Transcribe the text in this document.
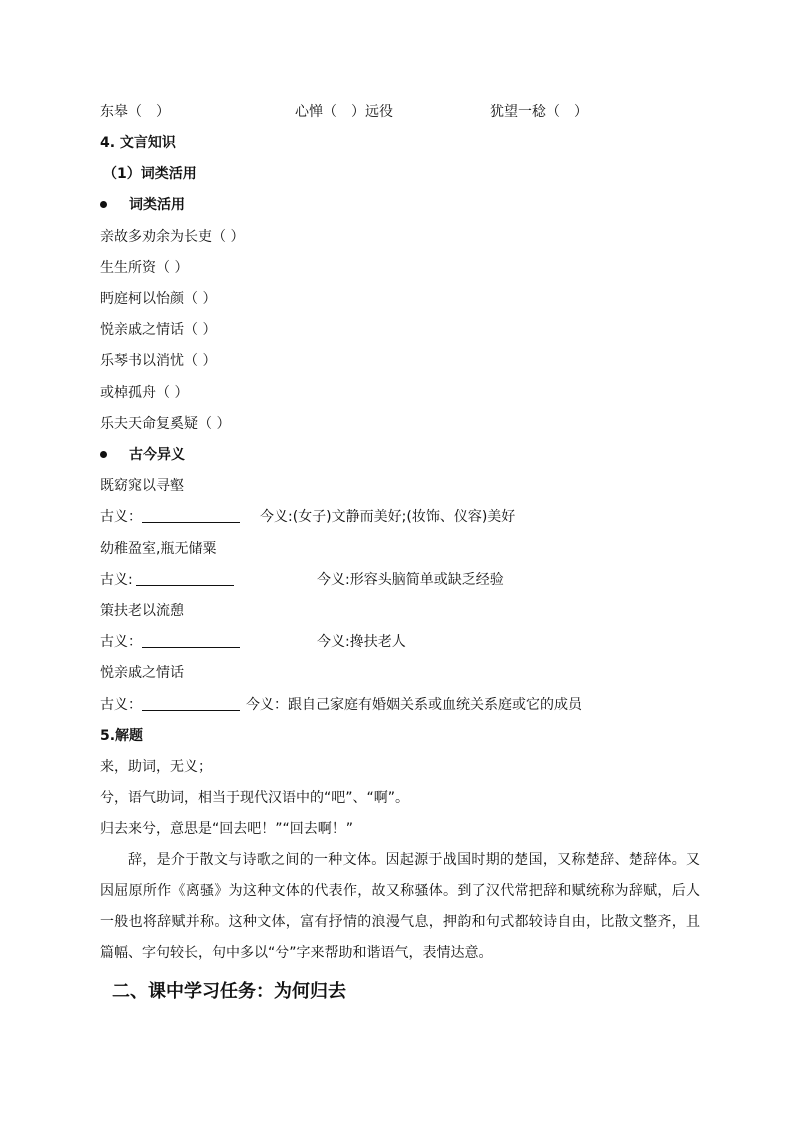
东皋（　）	心惮（　）远役	犹望一稔（　）
4. 文言知识
（1）词类活用
词类活用
亲故多劝余为长吏（ ）
生生所资（ ）
眄庭柯以怡颜（ ）
悦亲戚之情话（ ）
乐琴书以消忧（ ）
或棹孤舟（ ）
乐夫天命复奚疑（ ）
古今异义
既窈窕以寻壑
古义：	今义:(女子)文静而美好;(妆饰、仪容)美好
幼稚盈室,瓶无储粟
古义:	今义:形容头脑简单或缺乏经验
策扶老以流憩
古义：	今义:搀扶老人
悦亲戚之情话
古义：	今义：跟自己家庭有婚姻关系或血统关系庭或它的成员
5.解题
来，助词，无义；
兮，语气助词，相当于现代汉语中的“吧”、“啊”。
归去来兮，意思是“回去吧！”“回去啊！”

辞，是介于散文与诗歌之间的一种文体。因起源于战国时期的楚国，又称楚辞、楚辞体。又因屈原所作《离骚》为这种文体的代表作，故又称骚体。到了汉代常把辞和赋统称为辞赋，后人一般也将辞赋并称。这种文体，富有抒情的浪漫气息，押韵和句式都较诗自由，比散文整齐，且篇幅、字句较长，句中多以“兮”字来帮助和谐语气，表情达意。

二、课中学习任务：为何归去
